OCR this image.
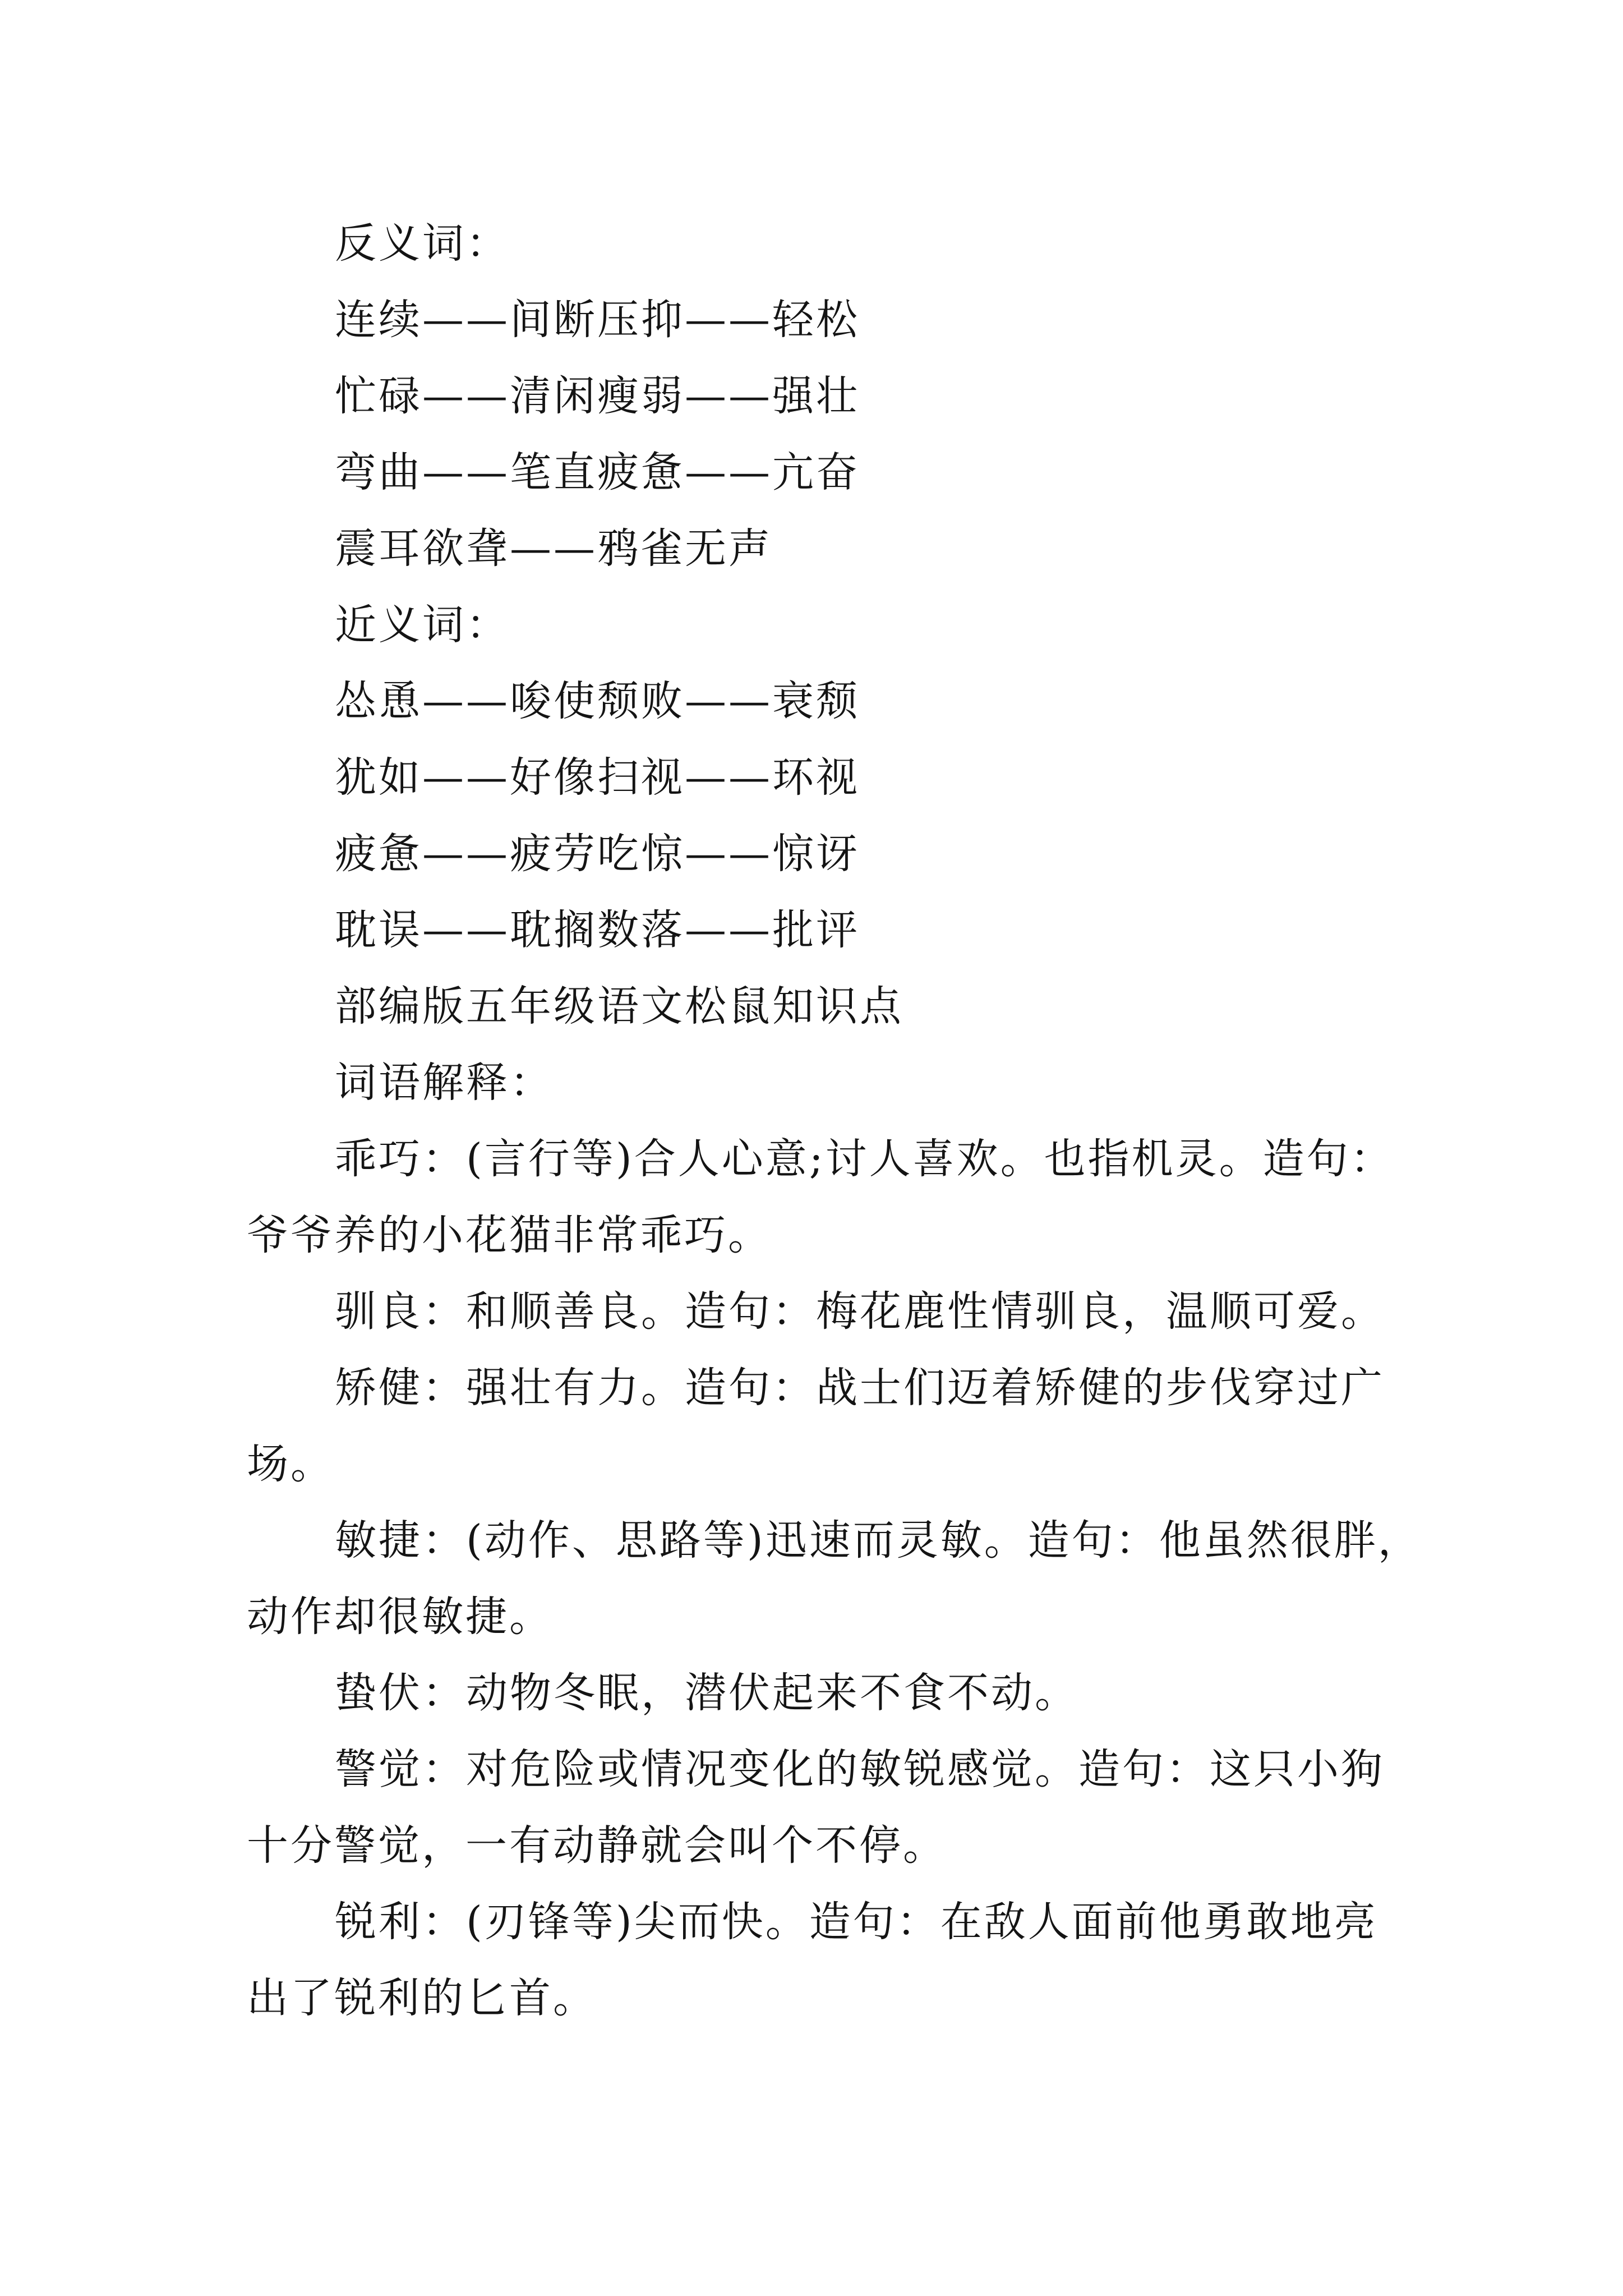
反义词：
连续——间断压抑——轻松
忙碌——清闲瘦弱——强壮
弯曲——笔直疲惫——亢奋
震耳欲聋——鸦雀无声
近义词：
怂恿——唆使颓败——衰颓
犹如——好像扫视——环视
疲惫——疲劳吃惊——惊讶
耽误——耽搁数落——批评
部编版五年级语文松鼠知识点
词语解释：
乖巧：(言行等)合人心意;讨人喜欢。也指机灵。造句：
爷爷养的小花猫非常乖巧。
驯良：和顺善良。造句：梅花鹿性情驯良，温顺可爱。
矫健：强壮有力。造句：战士们迈着矫健的步伐穿过广
场。
敏捷：(动作、思路等)迅速而灵敏。造句：他虽然很胖，
动作却很敏捷。
蛰伏：动物冬眠，潜伏起来不食不动。
警觉：对危险或情况变化的敏锐感觉。造句：这只小狗
十分警觉，一有动静就会叫个不停。
锐利：(刃锋等)尖而快。造句：在敌人面前他勇敢地亮
出了锐利的匕首。
